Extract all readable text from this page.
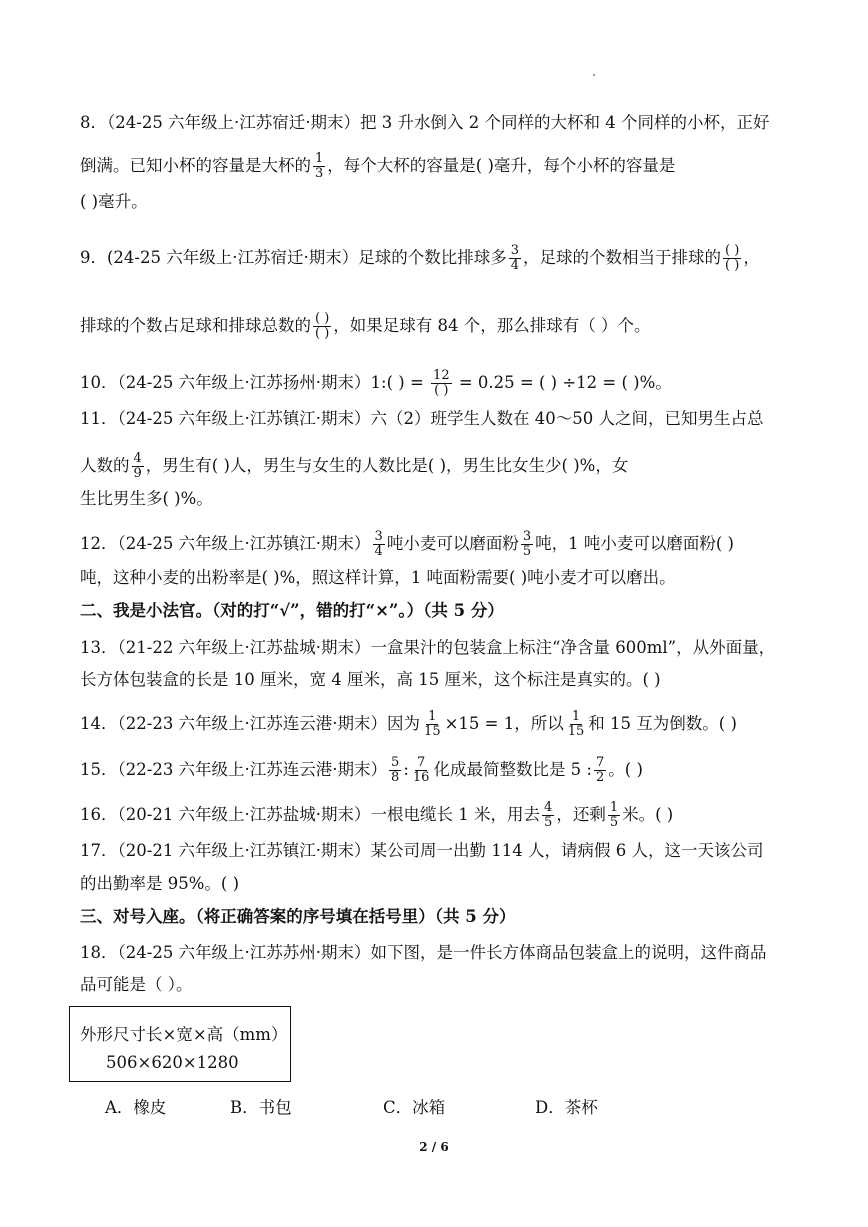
8．（24-25 六年级上·江苏宿迁·期末）把 3 升水倒入 2 个同样的大杯和 4 个同样的小杯，正好
倒满。已知小杯的容量是大杯的 $\frac{1}{3}$ ，每个大杯的容量是( )毫升，每个小杯的容量是
( )毫升。
9．(24-25 六年级上·江苏宿迁·期末）足球的个数比排球多 $\frac{3}{4}$ ，足球的个数相当于排球的 $\frac{( )}{( )}$ ，
排球的个数占足球和排球总数的 $\frac{( )}{( )}$ ，如果足球有 84 个，那么排球有（ ）个。
10．（24-25 六年级上·江苏扬州·期末）1:( ) = $\frac{12}{( )} = 0.25$ = ( ) ÷12 = ( )%。
11．（24-25 六年级上·江苏镇江·期末）六（2）班学生人数在 40～50 人之间，已知男生占总
人数的 $\frac{4}{9}$ ，男生有( )人，男生与女生的人数比是( )，男生比女生少( )%，女
生比男生多( )%。
12．（24-25 六年级上·江苏镇江·期末） $\frac{3}{4}$ 吨小麦可以磨面粉 $\frac{3}{5}$ 吨，1 吨小麦可以磨面粉( )
吨，这种小麦的出粉率是( )%，照这样计算，1 吨面粉需要( )吨小麦才可以磨出。
二、我是小法官。（对的打“√”，错的打“×”。）（共 5 分）
13．（21-22 六年级上·江苏盐城·期末）一盒果汁的包装盒上标注“净含量 600ml”，从外面量，
长方体包装盒的长是 10 厘米，宽 4 厘米，高 15 厘米，这个标注是真实的。( )
14．（22-23 六年级上·江苏连云港·期末）因为 $\frac{1}{15} \times 15 = 1$，所以 $\frac{1}{15}$ 和 15 互为倒数。( )
15．（22-23 六年级上·江苏连云港·期末） $\frac{5}{8}$ : $\frac{7}{16}$ 化成最简整数比是 5 : $\frac{7}{2}$ 。( )
16．（20-21 六年级上·江苏盐城·期末）一根电缆长 1 米，用去 $\frac{4}{5}$ ，还剩 $\frac{1}{5}$ 米。( )
17．（20-21 六年级上·江苏镇江·期末）某公司周一出勤 114 人，请病假 6 人，这一天该公司
的出勤率是 95%。( )
三、对号入座。（将正确答案的序号填在括号里）（共 5 分）
18．（24-25 六年级上·江苏苏州·期末）如下图，是一件长方体商品包装盒上的说明，这件商品
品可能是（ ）。
外形尺寸长×宽×高（mm）
506×620×1280
A．橡皮	B．书包	C．冰箱	D．茶杯
2 / 6
